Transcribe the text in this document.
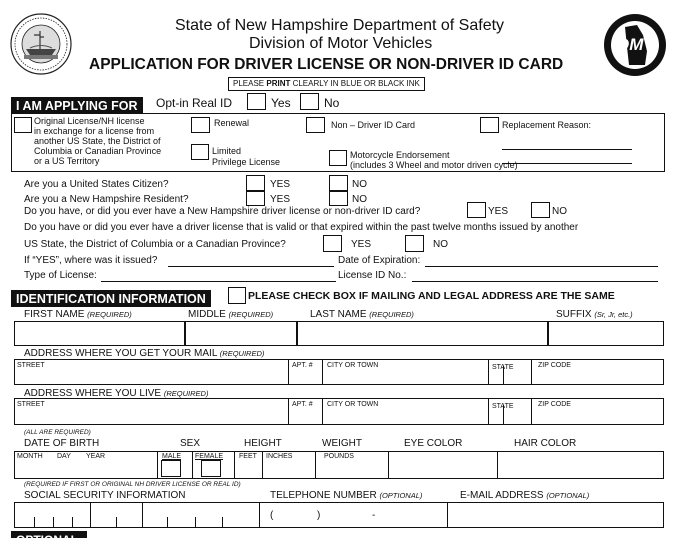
State of New Hampshire Department of Safety
Division of Motor Vehicles
APPLICATION FOR DRIVER LICENSE OR NON-DRIVER ID CARD
PLEASE PRINT CLEARLY IN BLUE OR BLACK INK
DMV
I AM APPLYING FOR	Opt-in Real ID	Yes	No
Original License/NH license
in exchange for a license from
another US State, the District of
Columbia or Canadian Province
or a US Territory
Renewal	Non – Driver ID Card	Replacement Reason:
Limited
Privilege License
Motorcycle Endorsement
(includes 3 Wheel and motor driven cycle)
Are you a United States Citizen?	YES	NO
Are you a New Hampshire Resident?	YES	NO
Do you have, or did you ever have a New Hampshire driver license or non-driver ID card?	YES	NO
Do you have or did you ever have a driver license that is valid or that expired within the past twelve months issued by another
US State, the District of Columbia or a Canadian Province?	YES	NO
If “YES”, where was it issued?	Date of Expiration:
Type of License:	License ID No.:
IDENTIFICATION INFORMATION	PLEASE CHECK BOX IF MAILING AND LEGAL ADDRESS ARE THE SAME
FIRST NAME (REQUIRED)	MIDDLE (REQUIRED)	LAST NAME (REQUIRED)	SUFFIX (Sr, Jr, etc.)
ADDRESS WHERE YOU GET YOUR MAIL (REQUIRED)
STREET	APT. # CITY OR TOWN	STATE	ZIP CODE
ADDRESS WHERE YOU LIVE (REQUIRED)
STREET	APT. # CITY OR TOWN	STATE	ZIP CODE
(ALL ARE REQUIRED)
DATE OF BIRTH	SEX	HEIGHT	WEIGHT	EYE COLOR	HAIR COLOR
MONTH DAY YEAR	MALE FEMALE FEET INCHES	POUNDS
(REQUIRED IF FIRST OR ORIGINAL NH DRIVER LICENSE OR REAL ID)
SOCIAL SECURITY INFORMATION	TELEPHONE NUMBER (OPTIONAL)	E-MAIL ADDRESS (OPTIONAL)
(	)	-
OPTIONAL
